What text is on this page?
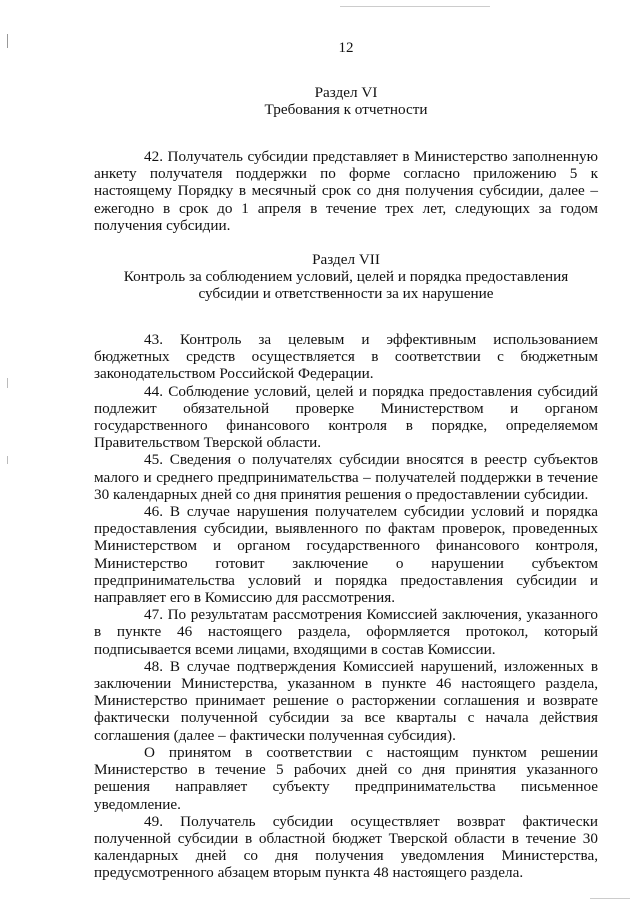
12
Раздел VI
Требования к отчетности

42. Получатель субсидии представляет в Министерство заполненную анкету получателя поддержки по форме согласно приложению 5 к настоящему Порядку в месячный срок со дня получения субсидии, далее – ежегодно в срок до 1 апреля в течение трех лет, следующих за годом получения субсидии.

Раздел VII
Контроль за соблюдением условий, целей и порядка предоставления
субсидии и ответственности за их нарушение

43. Контроль за целевым и эффективным использованием бюджетных средств осуществляется в соответствии с бюджетным законодательством Российской Федерации.

44. Соблюдение условий, целей и порядка предоставления субсидий подлежит обязательной проверке Министерством и органом государственного финансового контроля в порядке, определяемом Правительством Тверской области.

45. Сведения о получателях субсидии вносятся в реестр субъектов малого и среднего предпринимательства – получателей поддержки в течение 30 календарных дней со дня принятия решения о предоставлении субсидии.

46. В случае нарушения получателем субсидии условий и порядка предоставления субсидии, выявленного по фактам проверок, проведенных Министерством и органом государственного финансового контроля, Министерство готовит заключение о нарушении субъектом предпринимательства условий и порядка предоставления субсидии и направляет его в Комиссию для рассмотрения.

47. По результатам рассмотрения Комиссией заключения, указанного в пункте 46 настоящего раздела, оформляется протокол, который подписывается всеми лицами, входящими в состав Комиссии.

48. В случае подтверждения Комиссией нарушений, изложенных в заключении Министерства, указанном в пункте 46 настоящего раздела, Министерство принимает решение о расторжении соглашения и возврате фактически полученной субсидии за все кварталы с начала действия соглашения (далее – фактически полученная субсидия).

О принятом в соответствии с настоящим пунктом решении Министерство в течение 5 рабочих дней со дня принятия указанного решения направляет субъекту предпринимательства письменное уведомление.

49. Получатель субсидии осуществляет возврат фактически полученной субсидии в областной бюджет Тверской области в течение 30 календарных дней со дня получения уведомления Министерства, предусмотренного абзацем вторым пункта 48 настоящего раздела.
